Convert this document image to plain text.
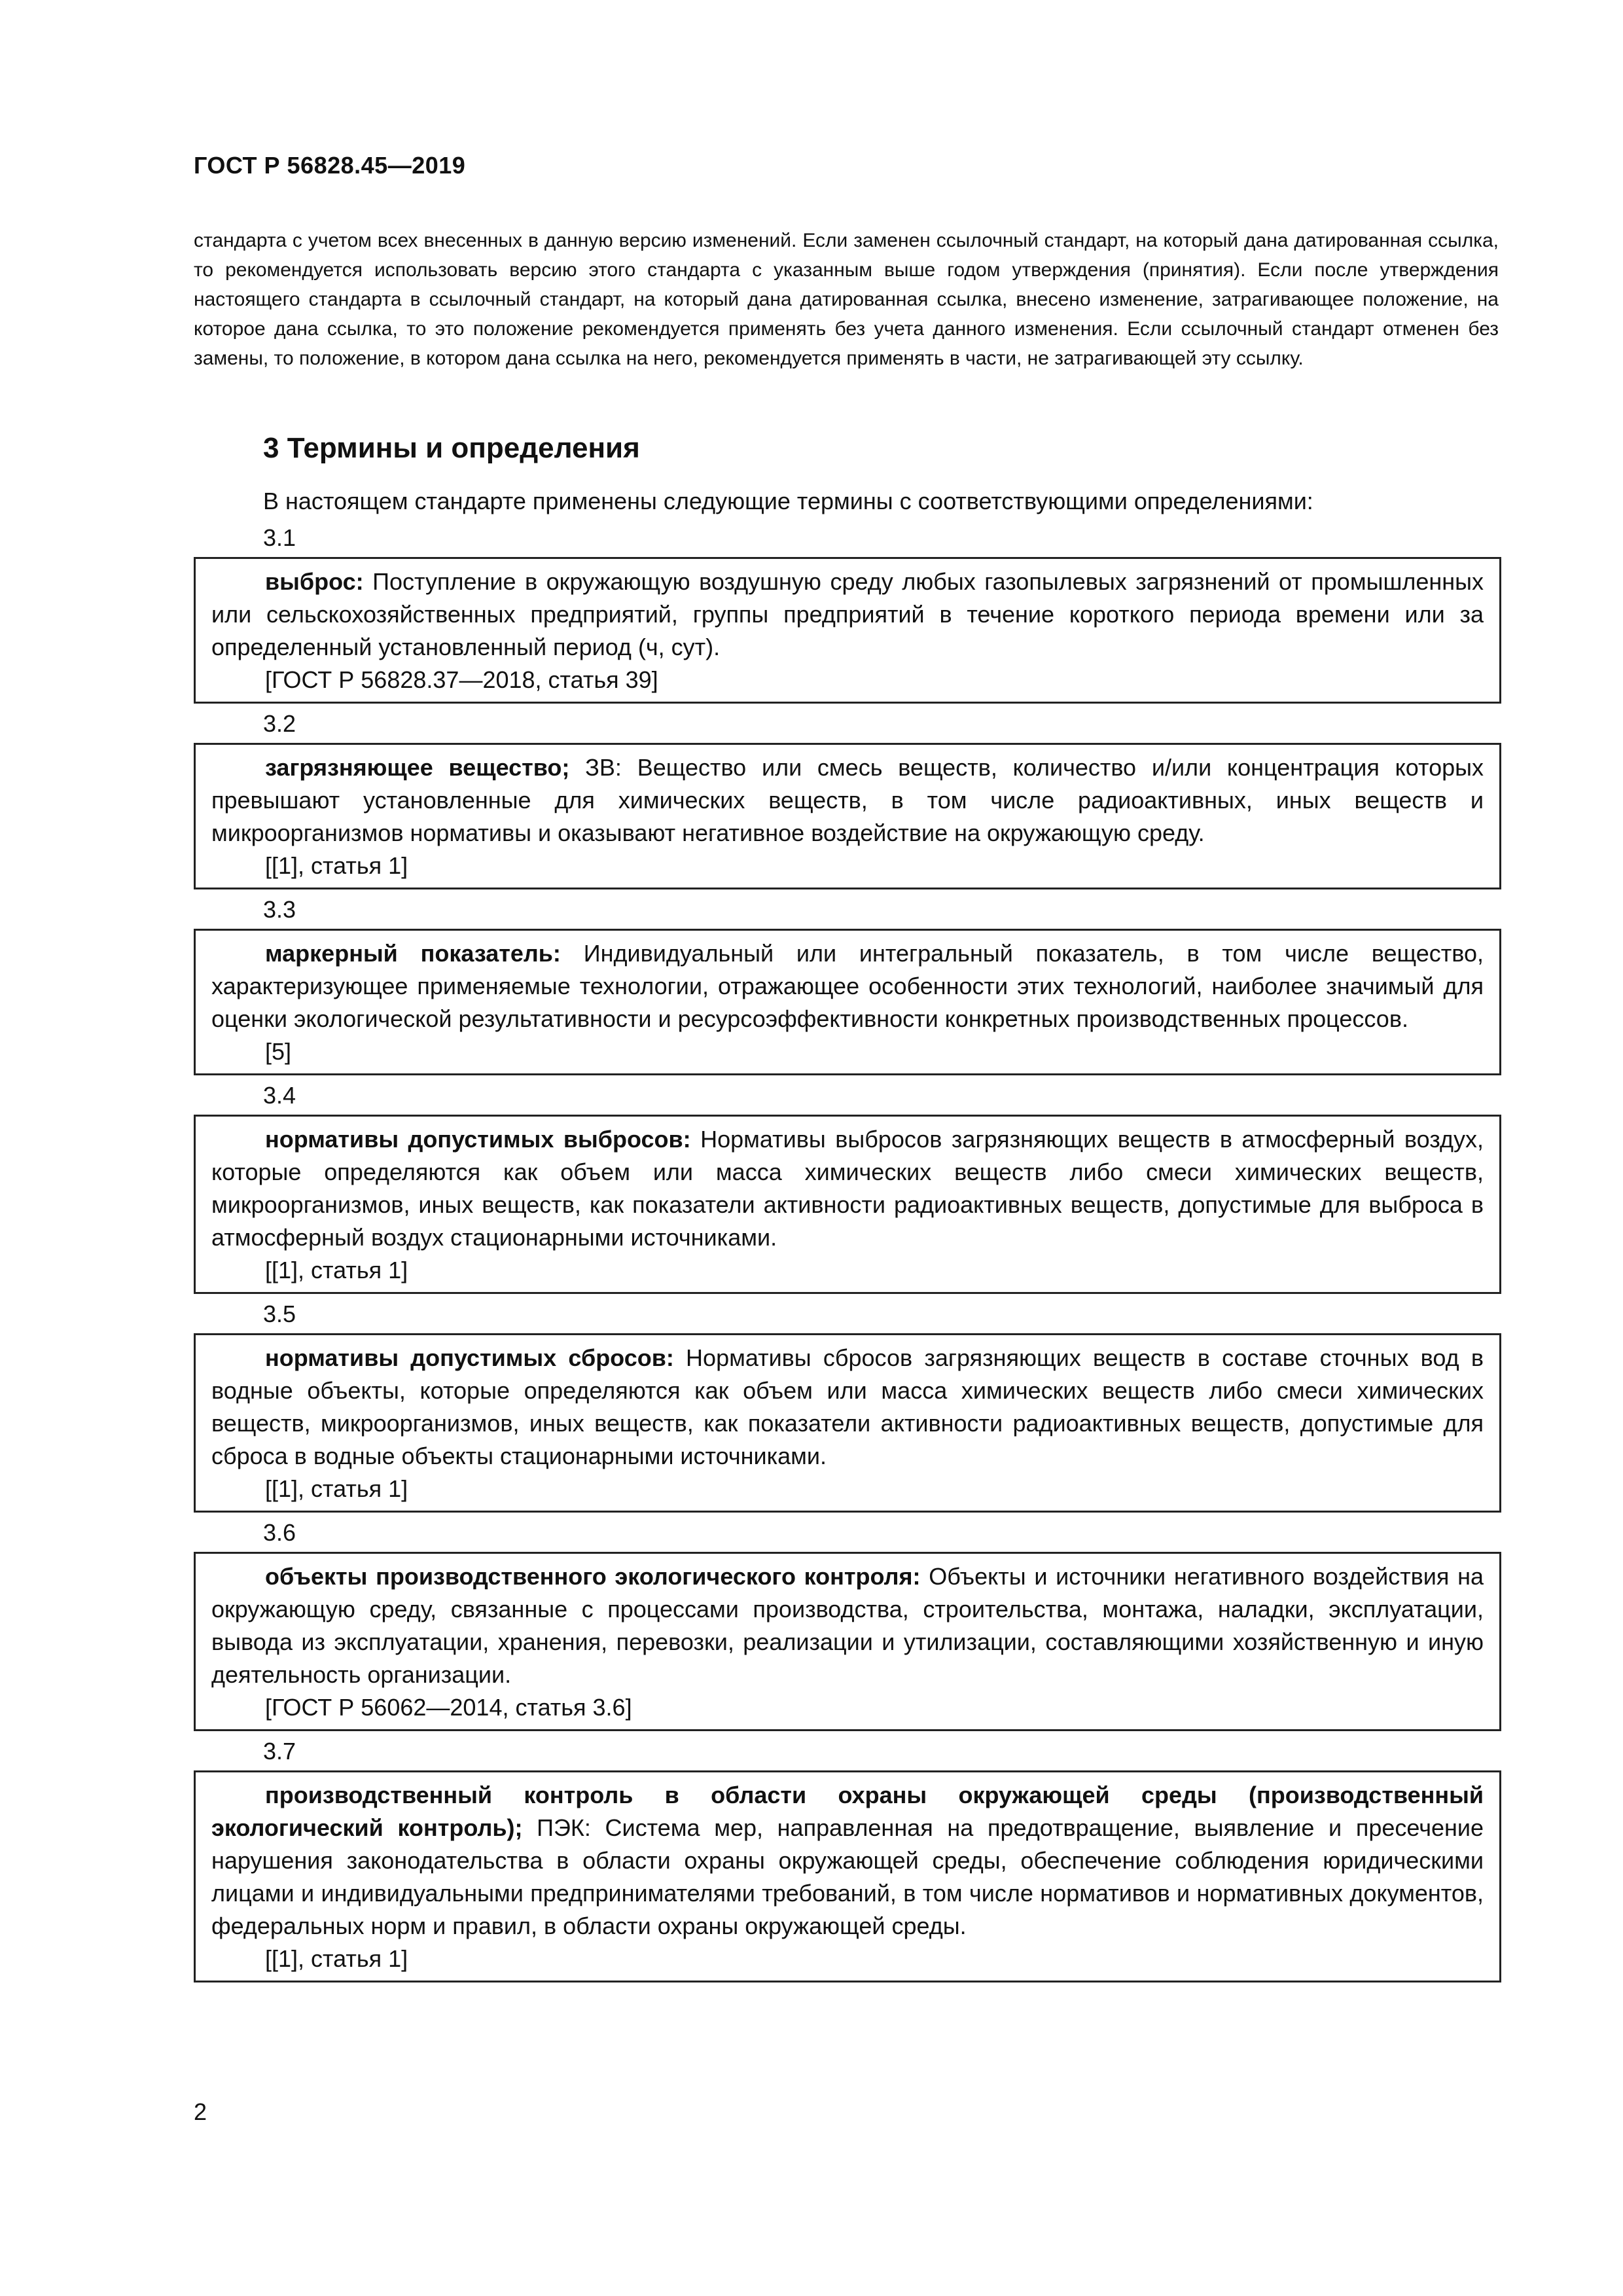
ГОСТ Р 56828.45—2019

стандарта с учетом всех внесенных в данную версию изменений. Если заменен ссылочный стандарт, на который дана датированная ссылка, то рекомендуется использовать версию этого стандарта с указанным выше годом утверждения (принятия). Если после утверждения настоящего стандарта в ссылочный стандарт, на который дана датированная ссылка, внесено изменение, затрагивающее положение, на которое дана ссылка, то это положение рекомендуется применять без учета данного изменения. Если ссылочный стандарт отменен без замены, то положение, в котором дана ссылка на него, рекомендуется применять в части, не затрагивающей эту ссылку.

3 Термины и определения

В настоящем стандарте применены следующие термины с соответствующими определениями:

3.1

выброс: Поступление в окружающую воздушную среду любых газопылевых загрязнений от промышленных или сельскохозяйственных предприятий, группы предприятий в течение короткого периода времени или за определенный установленный период (ч, сут).

[ГОСТ Р 56828.37—2018, статья 39]

3.2

загрязняющее вещество; ЗВ: Вещество или смесь веществ, количество и/или концентрация которых превышают установленные для химических веществ, в том числе радиоактивных, иных веществ и микроорганизмов нормативы и оказывают негативное воздействие на окружающую среду.

[[1], статья 1]

3.3

маркерный показатель: Индивидуальный или интегральный показатель, в том числе вещество, характеризующее применяемые технологии, отражающее особенности этих технологий, наиболее значимый для оценки экологической результативности и ресурсоэффективности конкретных производственных процессов.

[5]

3.4

нормативы допустимых выбросов: Нормативы выбросов загрязняющих веществ в атмосферный воздух, которые определяются как объем или масса химических веществ либо смеси химических веществ, микроорганизмов, иных веществ, как показатели активности радиоактивных веществ, допустимые для выброса в атмосферный воздух стационарными источниками.

[[1], статья 1]

3.5

нормативы допустимых сбросов: Нормативы сбросов загрязняющих веществ в составе сточных вод в водные объекты, которые определяются как объем или масса химических веществ либо смеси химических веществ, микроорганизмов, иных веществ, как показатели активности радиоактивных веществ, допустимые для сброса в водные объекты стационарными источниками.

[[1], статья 1]

3.6

объекты производственного экологического контроля: Объекты и источники негативного воздействия на окружающую среду, связанные с процессами производства, строительства, монтажа, наладки, эксплуатации, вывода из эксплуатации, хранения, перевозки, реализации и утилизации, составляющими хозяйственную и иную деятельность организации.

[ГОСТ Р 56062—2014, статья 3.6]

3.7

производственный контроль в области охраны окружающей среды (производственный экологический контроль); ПЭК: Система мер, направленная на предотвращение, выявление и пресечение нарушения законодательства в области охраны окружающей среды, обеспечение соблюдения юридическими лицами и индивидуальными предпринимателями требований, в том числе нормативов и нормативных документов, федеральных норм и правил, в области охраны окружающей среды.

[[1], статья 1]

2
